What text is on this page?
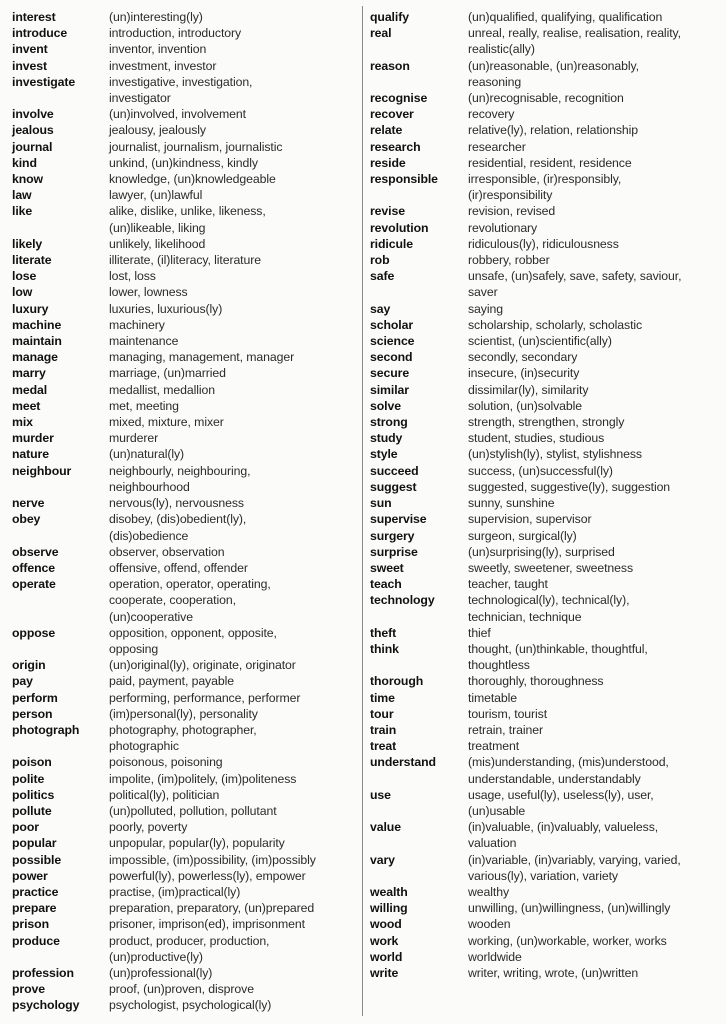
interest	(un)interesting(ly)
introduce	introduction, introductory
invent	inventor, invention
invest	investment, investor
investigate	investigative, investigation,
investigator
involve	(un)involved, involvement
jealous	jealousy, jealously
journal	journalist, journalism, journalistic
kind	unkind, (un)kindness, kindly
know	knowledge, (un)knowledgeable
law	lawyer, (un)lawful
like	alike, dislike, unlike, likeness,
(un)likeable, liking
likely	unlikely, likelihood
literate	illiterate, (il)literacy, literature
lose	lost, loss
low	lower, lowness
luxury	luxuries, luxurious(ly)
machine	machinery
maintain	maintenance
manage	managing, management, manager
marry	marriage, (un)married
medal	medallist, medallion
meet	met, meeting
mix	mixed, mixture, mixer
murder	murderer
nature	(un)natural(ly)
neighbour	neighbourly, neighbouring,
neighbourhood
nerve	nervous(ly), nervousness
obey	disobey, (dis)obedient(ly),
(dis)obedience
observe	observer, observation
offence	offensive, offend, offender
operate	operation, operator, operating,
cooperate, cooperation,
(un)cooperative
oppose	opposition, opponent, opposite,
opposing
origin	(un)original(ly), originate, originator
pay	paid, payment, payable
perform	performing, performance, performer
person	(im)personal(ly), personality
photograph	photography, photographer,
photographic
poison	poisonous, poisoning
polite	impolite, (im)politely, (im)politeness
politics	political(ly), politician
pollute	(un)polluted, pollution, pollutant
poor	poorly, poverty
popular	unpopular, popular(ly), popularity
possible	impossible, (im)possibility, (im)possibly
power	powerful(ly), powerless(ly), empower
practice	practise, (im)practical(ly)
prepare	preparation, preparatory, (un)prepared
prison	prisoner, imprison(ed), imprisonment
produce	product, producer, production,
(un)productive(ly)
profession	(un)professional(ly)
prove	proof, (un)proven, disprove
psychology	psychologist, psychological(ly)
qualify	(un)qualified, qualifying, qualification
real	unreal, really, realise, realisation, reality,
realistic(ally)
reason	(un)reasonable, (un)reasonably,
reasoning
recognise	(un)recognisable, recognition
recover	recovery
relate	relative(ly), relation, relationship
research	researcher
reside	residential, resident, residence
responsible	irresponsible, (ir)responsibly,
(ir)responsibility
revise	revision, revised
revolution	revolutionary
ridicule	ridiculous(ly), ridiculousness
rob	robbery, robber
safe	unsafe, (un)safely, save, safety, saviour,
saver
say	saying
scholar	scholarship, scholarly, scholastic
science	scientist, (un)scientific(ally)
second	secondly, secondary
secure	insecure, (in)security
similar	dissimilar(ly), similarity
solve	solution, (un)solvable
strong	strength, strengthen, strongly
study	student, studies, studious
style	(un)stylish(ly), stylist, stylishness
succeed	success, (un)successful(ly)
suggest	suggested, suggestive(ly), suggestion
sun	sunny, sunshine
supervise	supervision, supervisor
surgery	surgeon, surgical(ly)
surprise	(un)surprising(ly), surprised
sweet	sweetly, sweetener, sweetness
teach	teacher, taught
technology	technological(ly), technical(ly),
technician, technique
theft	thief
think	thought, (un)thinkable, thoughtful,
thoughtless
thorough	thoroughly, thoroughness
time	timetable
tour	tourism, tourist
train	retrain, trainer
treat	treatment
understand	(mis)understanding, (mis)understood,
understandable, understandably
use	usage, useful(ly), useless(ly), user,
(un)usable
value	(in)valuable, (in)valuably, valueless,
valuation
vary	(in)variable, (in)variably, varying, varied,
various(ly), variation, variety
wealth	wealthy
willing	unwilling, (un)willingness, (un)willingly
wood	wooden
work	working, (un)workable, worker, works
world	worldwide
write	writer, writing, wrote, (un)written
